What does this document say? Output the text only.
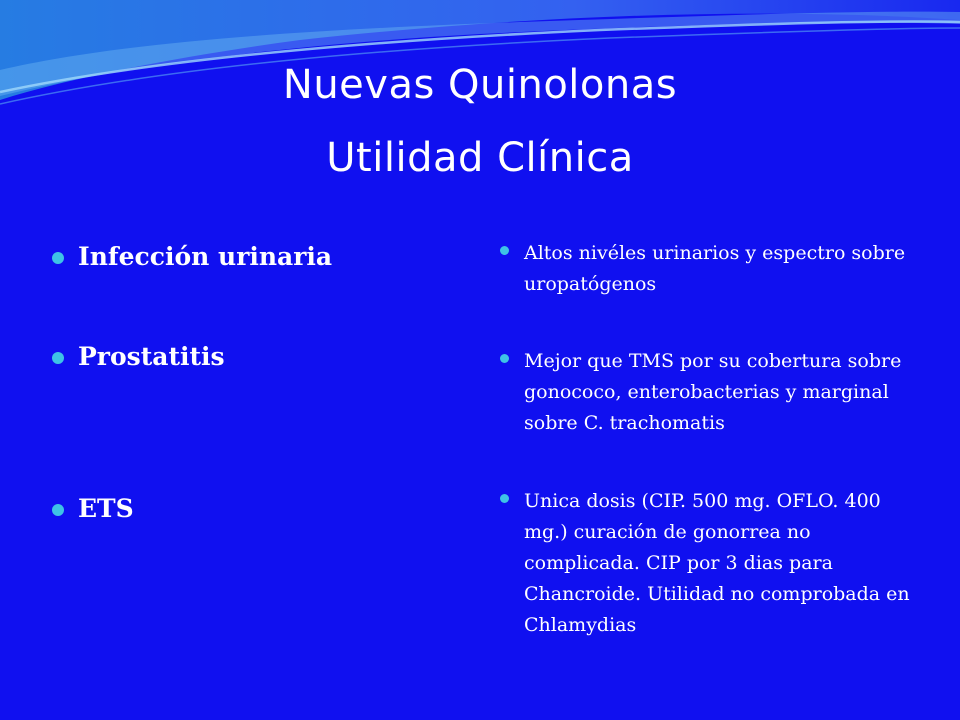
Nuevas Quinolonas
Utilidad Clínica
Infección urinaria
Prostatitis
ETS
Altos nivéles urinarios y espectro sobre uropatógenos
Mejor que TMS por su cobertura sobre gonococo, enterobacterias y marginal sobre C. trachomatis
Unica dosis (CIP. 500 mg. OFLO. 400 mg.) curación de gonorrea no complicada. CIP por 3 dias para Chancroide. Utilidad no comprobada en Chlamydias
